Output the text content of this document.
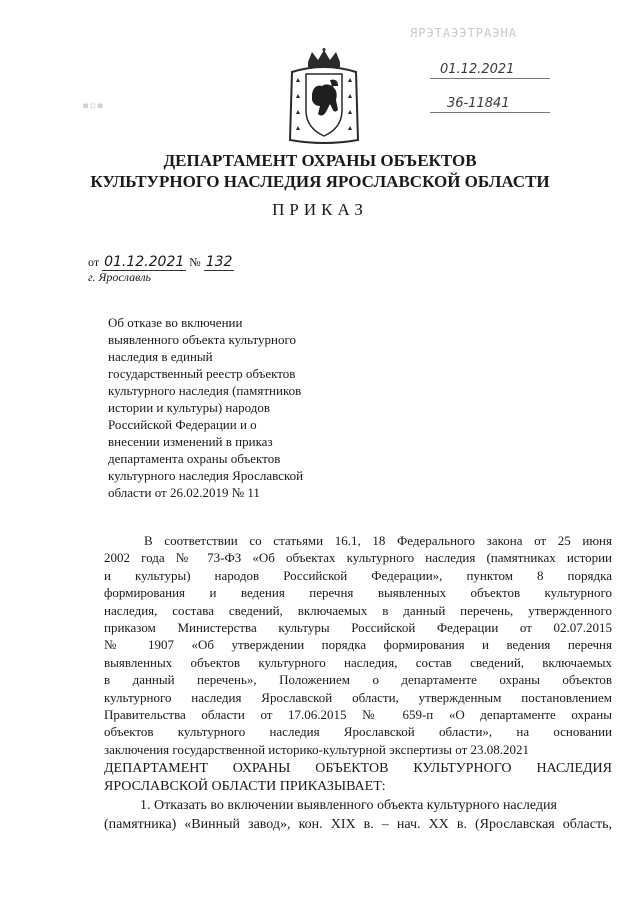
ЯРЭТАЭЭТРАЭНА
01.12.2021
36-11841
▪▫▪
ДЕПАРТАМЕНТ ОХРАНЫ ОБЪЕКТОВ
КУЛЬТУРНОГО НАСЛЕДИЯ ЯРОСЛАВСКОЙ ОБЛАСТИ
ПРИКАЗ
от 01.12.2021 № 132
г. Ярославль
Об отказе во включении
выявленного объекта культурного
наследия в единый
государственный реестр объектов
культурного наследия (памятников
истории и культуры) народов
Российской Федерации и о
внесении изменений в приказ
департамента охраны объектов
культурного наследия Ярославской
области от 26.02.2019 № 11
В соответствии со статьями 16.1, 18 Федерального закона от 25 июня
2002 года № 73-ФЗ «Об объектах культурного наследия (памятниках истории
и культуры) народов Российской Федерации», пунктом 8 порядка
формирования и ведения перечня выявленных объектов культурного
наследия, состава сведений, включаемых в данный перечень, утвержденного
приказом Министерства культуры Российской Федерации от 02.07.2015
№ 1907 «Об утверждении порядка формирования и ведения перечня
выявленных объектов культурного наследия, состав сведений, включаемых
в данный перечень», Положением о департаменте охраны объектов
культурного наследия Ярославской области, утвержденным постановлением
Правительства области от 17.06.2015 № 659-п «О департаменте охраны
объектов культурного наследия Ярославской области», на основании
заключения государственной историко-культурной экспертизы от 23.08.2021
ДЕПАРТАМЕНТ ОХРАНЫ ОБЪЕКТОВ КУЛЬТУРНОГО НАСЛЕДИЯ
ЯРОСЛАВСКОЙ ОБЛАСТИ ПРИКАЗЫВАЕТ:
1. Отказать во включении выявленного объекта культурного наследия
(памятника) «Винный завод», кон. XIX в. – нач. XX в. (Ярославская область,
